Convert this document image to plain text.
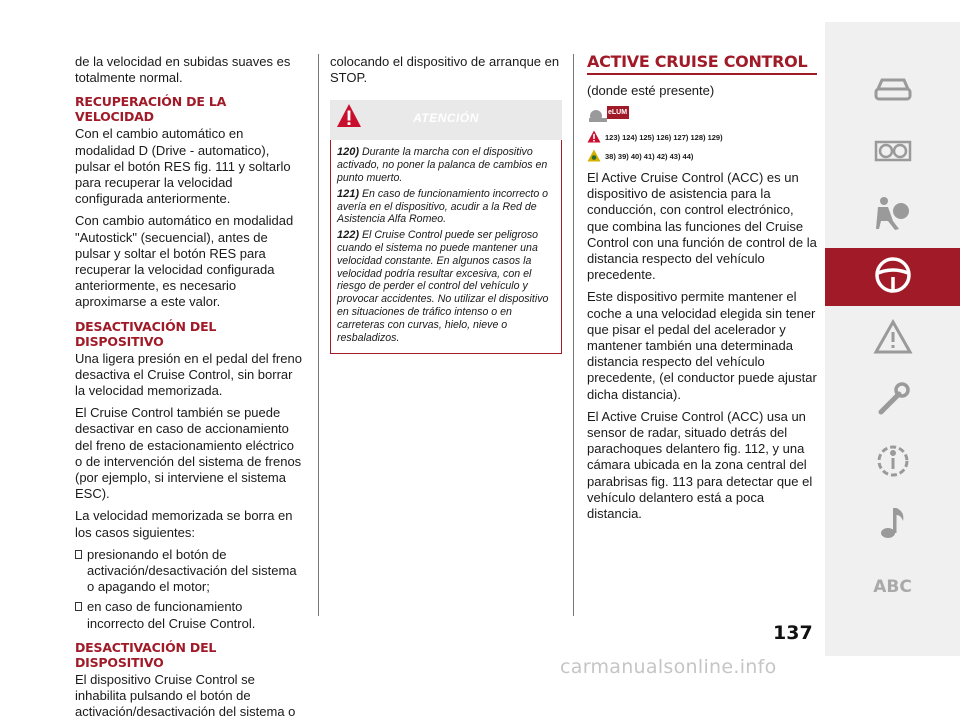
de la velocidad en subidas suaves es totalmente normal.

RECUPERACIÓN DE LA VELOCIDAD

Con el cambio automático en modalidad D (Drive - automatico), pulsar el botón RES fig. 111 y soltarlo para recuperar la velocidad configurada anteriormente.

Con cambio automático en modalidad "Autostick" (secuencial), antes de pulsar y soltar el botón RES para recuperar la velocidad configurada anteriormente, es necesario aproximarse a este valor.

DESACTIVACIÓN DEL DISPOSITIVO

Una ligera presión en el pedal del freno desactiva el Cruise Control, sin borrar la velocidad memorizada.

El Cruise Control también se puede desactivar en caso de accionamiento del freno de estacionamiento eléctrico o de intervención del sistema de frenos (por ejemplo, si interviene el sistema ESC).

La velocidad memorizada se borra en los casos siguientes:

presionando el botón de activación/desactivación del sistema o apagando el motor;
en caso de funcionamiento incorrecto del Cruise Control.
DESACTIVACIÓN DEL DISPOSITIVO

El dispositivo Cruise Control se inhabilita pulsando el botón de activación/desactivación del sistema o

colocando el dispositivo de arranque en STOP.

ATENCIÓN

120) Durante la marcha con el dispositivo activado, no poner la palanca de cambios en punto muerto.

121) En caso de funcionamiento incorrecto o avería en el dispositivo, acudir a la Red de Asistencia Alfa Romeo.

122) El Cruise Control puede ser peligroso cuando el sistema no puede mantener una velocidad constante. En algunos casos la velocidad podría resultar excesiva, con el riesgo de perder el control del vehículo y provocar accidentes. No utilizar el dispositivo en situaciones de tráfico intenso o en carreteras con curvas, hielo, nieve o resbaladizos.

ACTIVE CRUISE CONTROL

(donde esté presente)

eLUM
123) 124) 125) 126) 127) 128) 129)
38) 39) 40) 41) 42) 43) 44)

El Active Cruise Control (ACC) es un dispositivo de asistencia para la conducción, con control electrónico, que combina las funciones del Cruise Control con una función de control de la distancia respecto del vehículo precedente.

Este dispositivo permite mantener el coche a una velocidad elegida sin tener que pisar el pedal del acelerador y mantener también una determinada distancia respecto del vehículo precedente, (el conductor puede ajustar dicha distancia).

El Active Cruise Control (ACC) usa un sensor de radar, situado detrás del parachoques delantero fig. 112, y una cámara ubicada en la zona central del parabrisas fig. 113 para detectar que el vehículo delantero está a poca distancia.

ABC
137
carmanualsonline.info
